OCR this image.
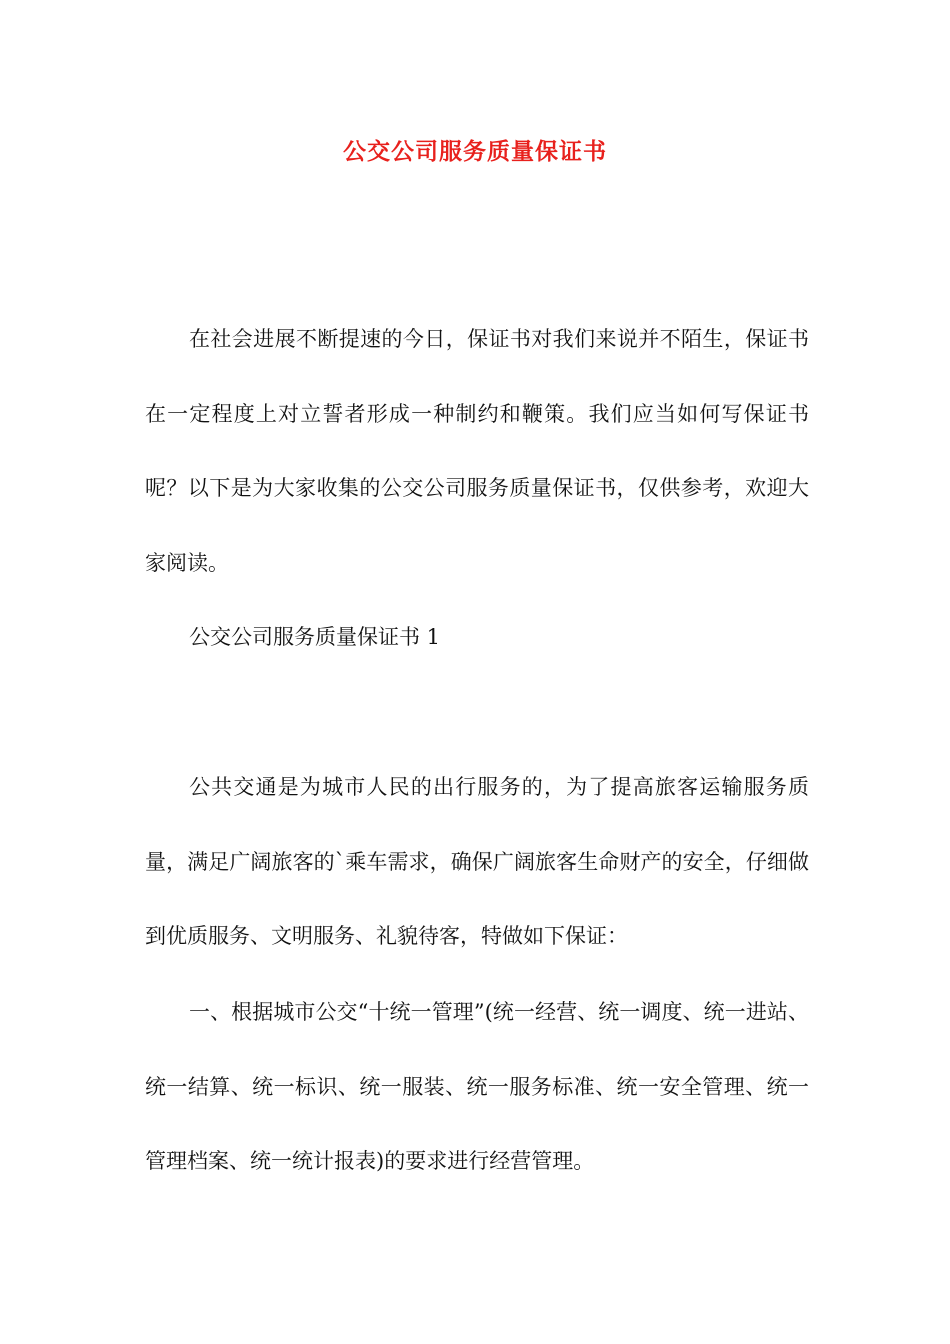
公交公司服务质量保证书

在社会进展不断提速的今日，保证书对我们来说并不陌生，保证书在一定程度上对立誓者形成一种制约和鞭策。我们应当如何写保证书呢？以下是为大家收集的公交公司服务质量保证书，仅供参考，欢迎大家阅读。

公交公司服务质量保证书 1

公共交通是为城市人民的出行服务的，为了提高旅客运输服务质量，满足广阔旅客的`乘车需求，确保广阔旅客生命财产的安全，仔细做到优质服务、文明服务、礼貌待客，特做如下保证：

一、根据城市公交“十统一管理”(统一经营、统一调度、统一进站、统一结算、统一标识、统一服装、统一服务标准、统一安全管理、统一管理档案、统一统计报表)的要求进行经营管理。
